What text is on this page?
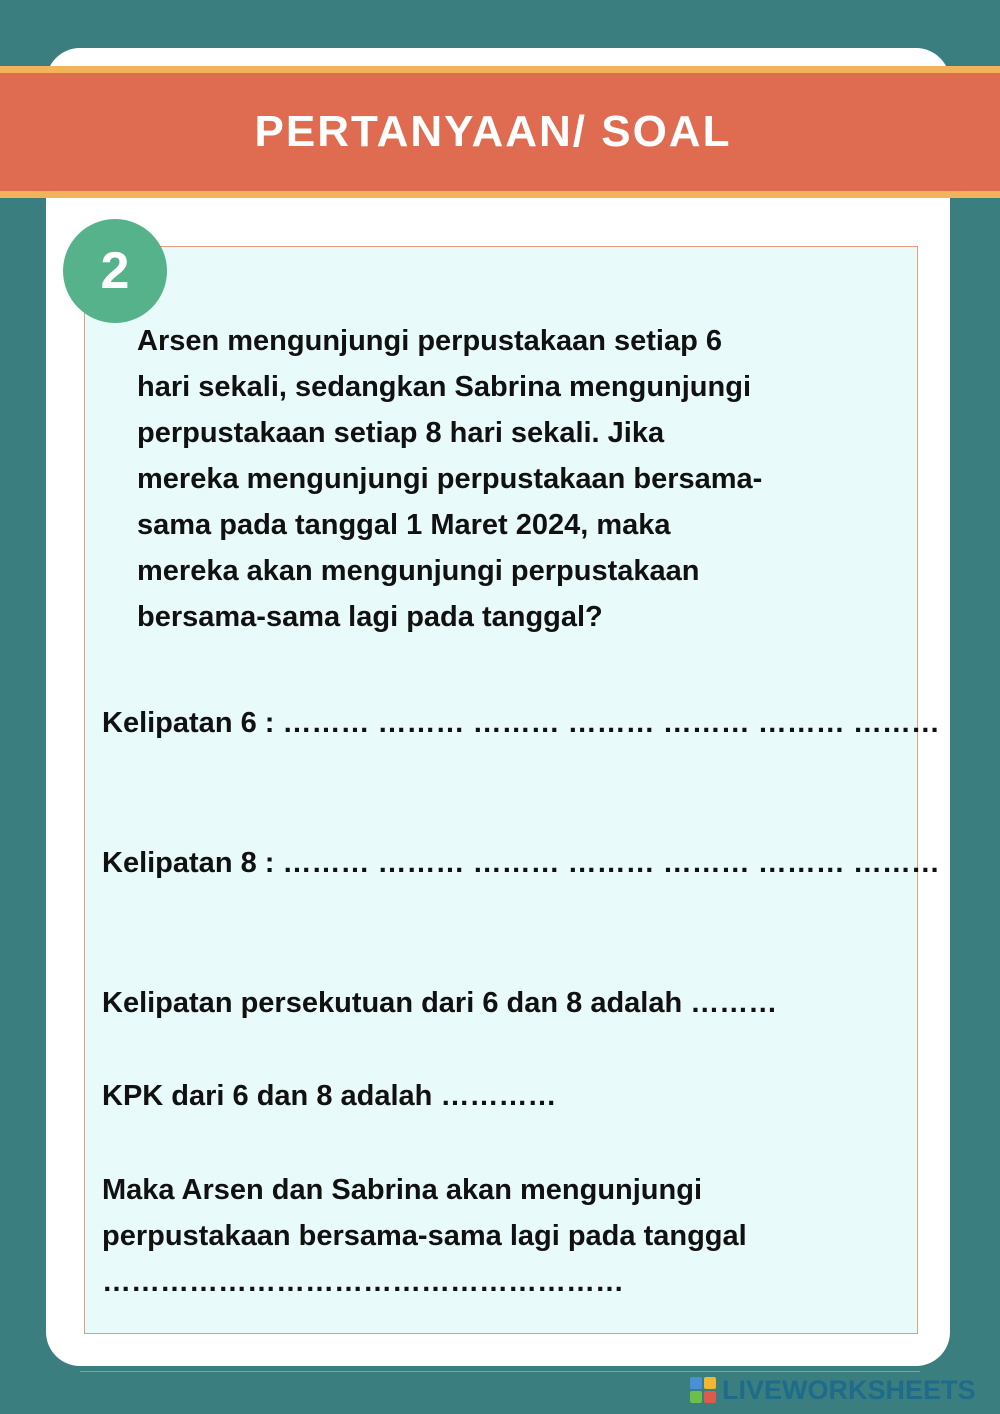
PERTANYAAN/ SOAL
2

Arsen mengunjungi perpustakaan setiap 6
hari sekali, sedangkan Sabrina mengunjungi
perpustakaan setiap 8 hari sekali. Jika
mereka mengunjungi perpustakaan bersama-
sama pada tanggal 1 Maret 2024, maka
mereka akan mengunjungi perpustakaan
bersama-sama lagi pada tanggal?

Kelipatan 6 : ……… ……… ……… ……… ……… ……… ………
Kelipatan 8 : ……… ……… ……… ……… ……… ……… ………
Kelipatan persekutuan dari 6 dan 8 adalah ………
KPK dari 6 dan 8 adalah …………
Maka Arsen dan Sabrina akan mengunjungi
perpustakaan bersama-sama lagi pada tanggal
………………………………………………
LIVEWORKSHEETS
